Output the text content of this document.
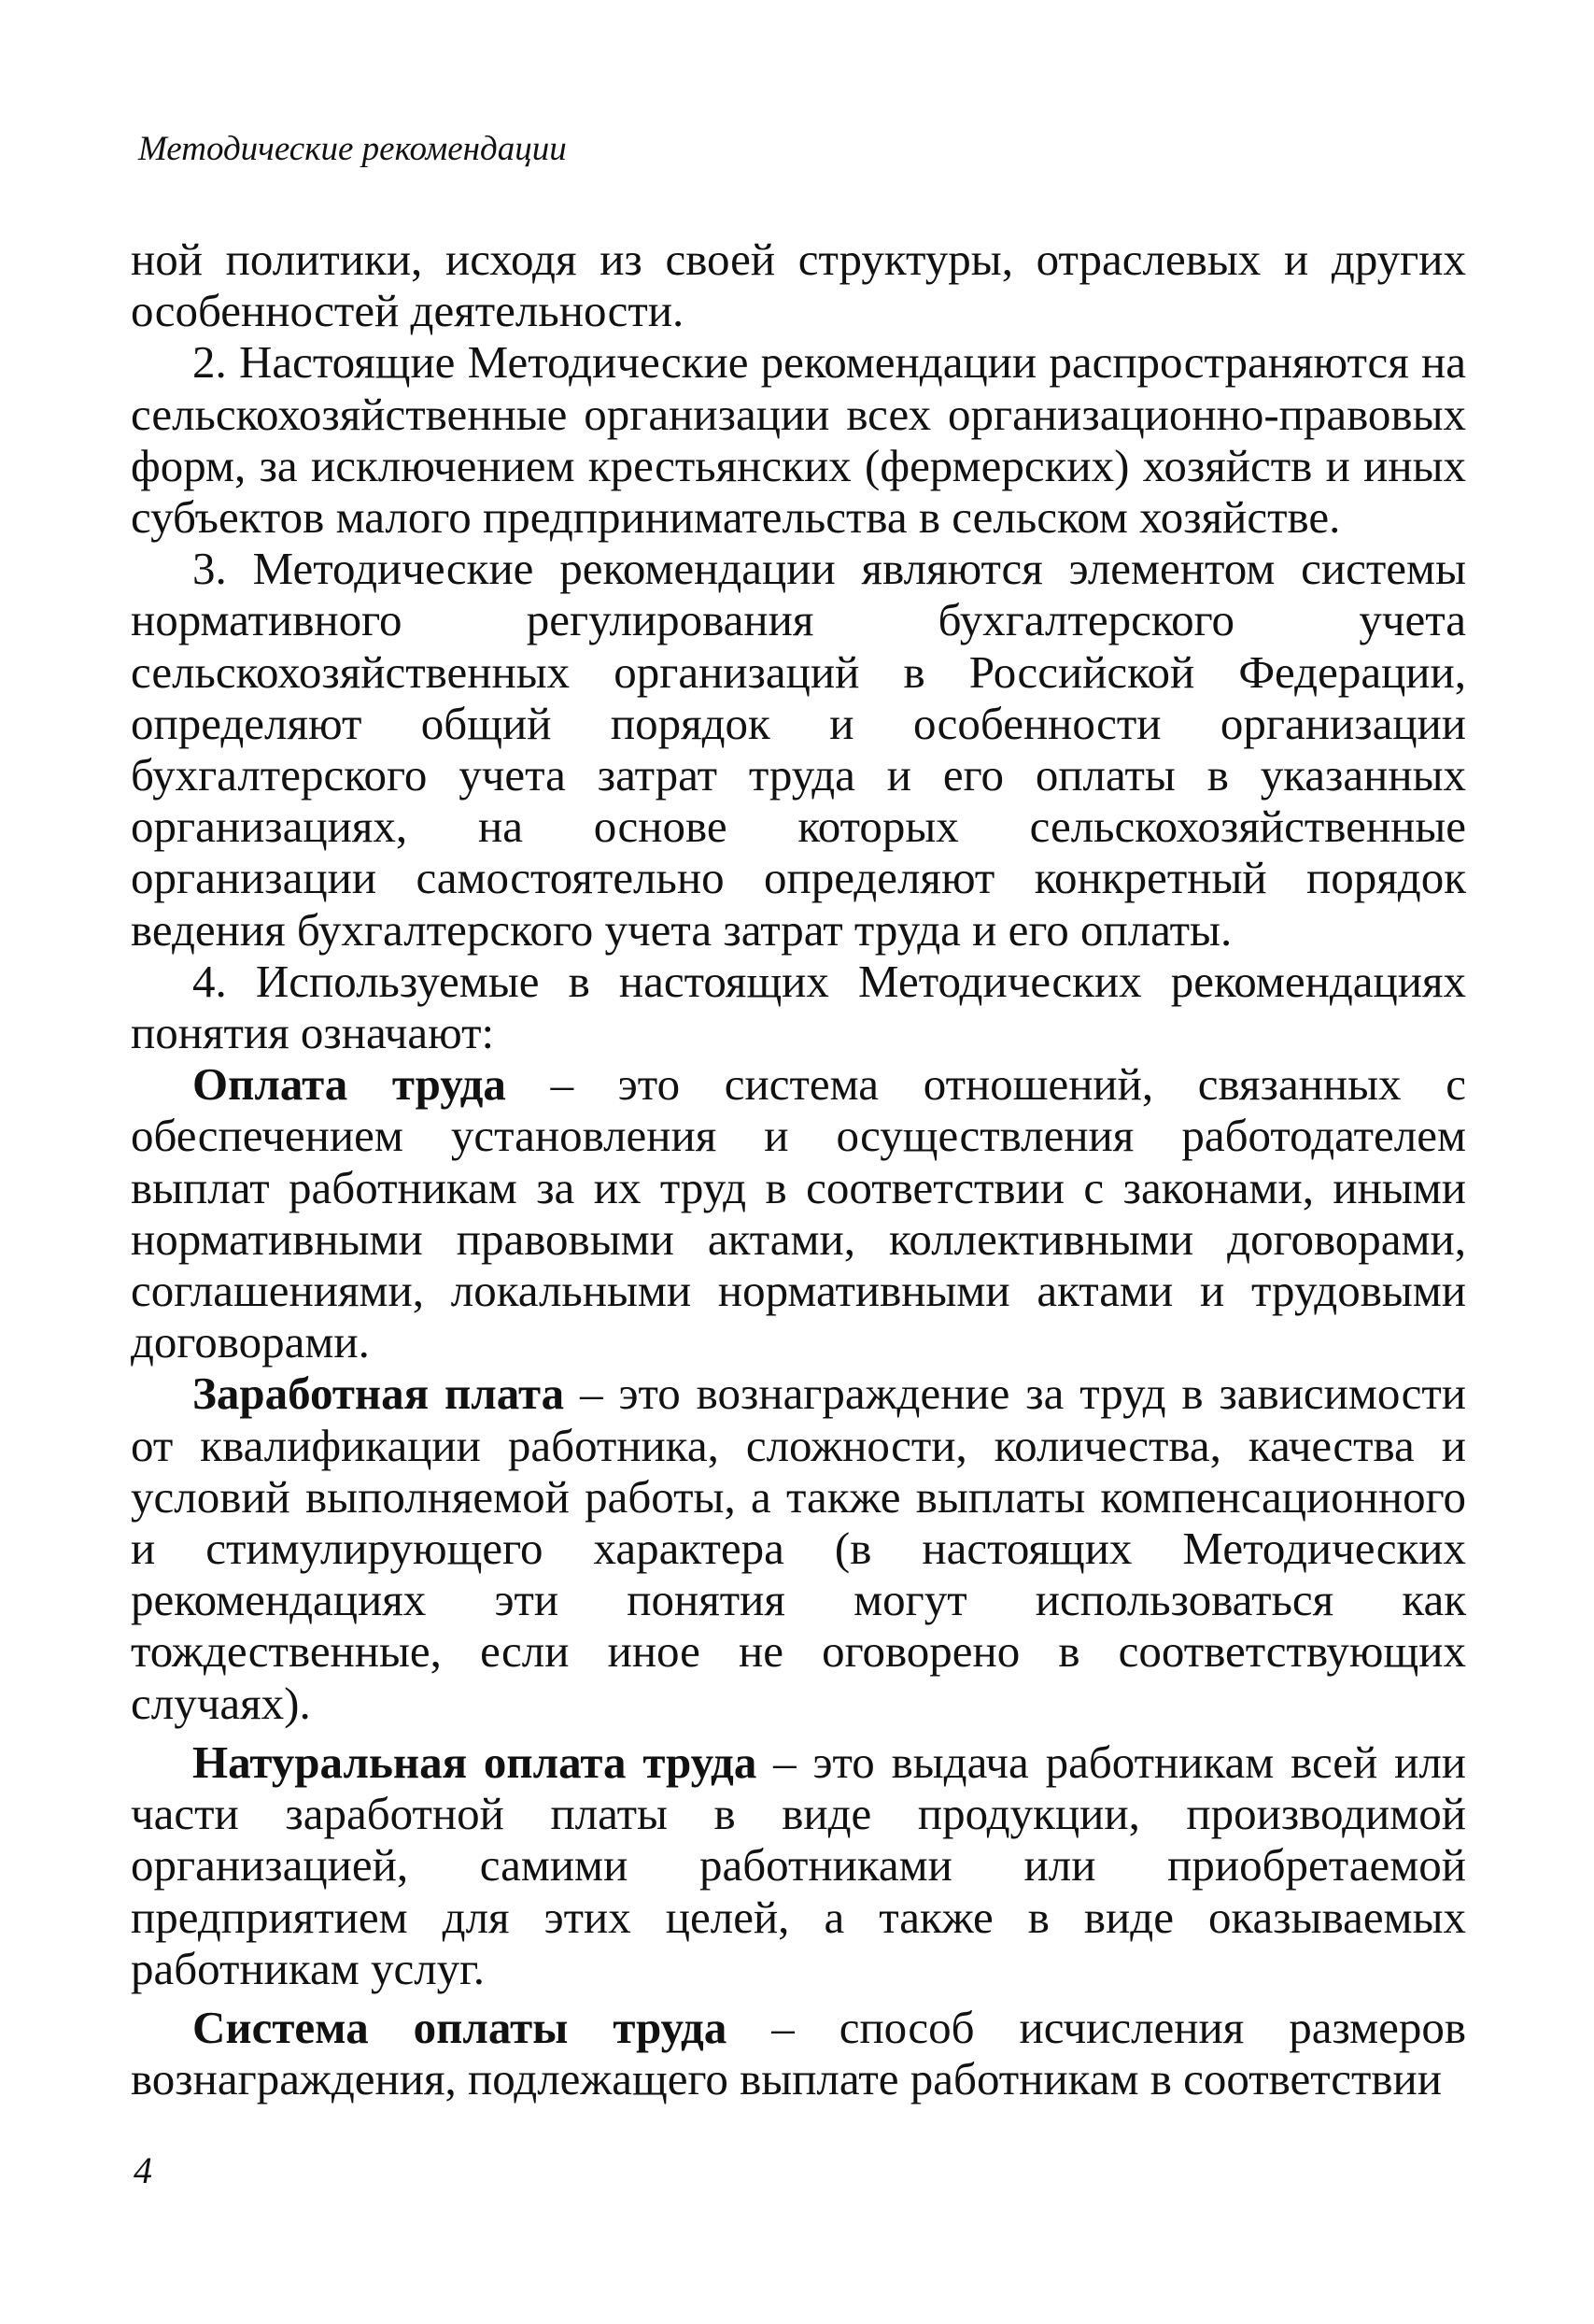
Методические рекомендации

ной политики, исходя из своей структуры, отраслевых и других особенностей деятельности.

2. Настоящие Методические рекомендации распространяются на сельскохозяйственные организации всех организационно-правовых форм, за исключением крестьянских (фермерских) хозяйств и иных субъектов малого предпринимательства в сельском хозяйстве.

3. Методические рекомендации являются элементом системы нормативного регулирования бухгалтерского учета сельскохозяйственных организаций в Российской Федерации, определяют общий порядок и особенности организации бухгалтерского учета затрат труда и его оплаты в указанных организациях, на основе которых сельскохозяйственные организации самостоятельно определяют конкретный порядок ведения бухгалтерского учета затрат труда и его оплаты.

4. Используемые в настоящих Методических рекомендациях понятия означают:

Оплата труда – это система отношений, связанных с обеспечением установления и осуществления работодателем выплат работникам за их труд в соответствии с законами, иными нормативными правовыми актами, коллективными договорами, соглашениями, локальными нормативными актами и трудовыми договорами.

Заработная плата – это вознаграждение за труд в зависимости от квалификации работника, сложности, количества, качества и условий выполняемой работы, а также выплаты компенсационного и стимулирующего характера (в настоящих Методических рекомендациях эти понятия могут использоваться как тождественные, если иное не оговорено в соответствующих случаях).

Натуральная оплата труда – это выдача работникам всей или части заработной платы в виде продукции, производимой организацией, самими работниками или приобретаемой предприятием для этих целей, а также в виде оказываемых работникам услуг.

Система оплаты труда – способ исчисления размеров вознаграждения, подлежащего выплате работникам в соответствии

4
